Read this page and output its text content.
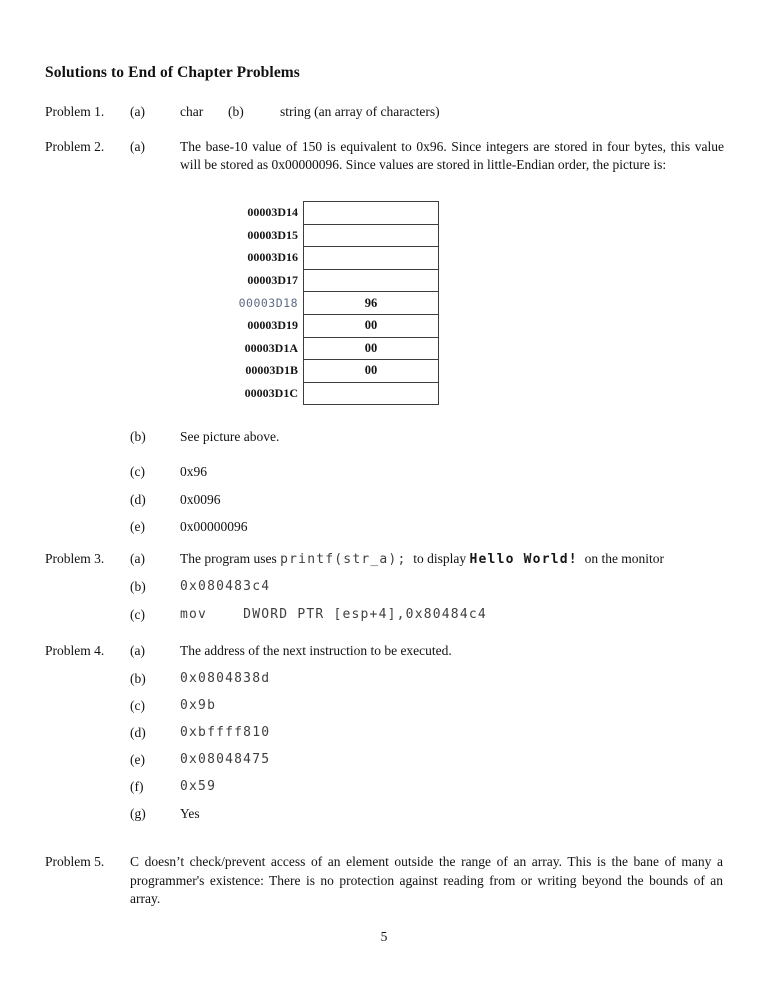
Solutions to End of Chapter Problems
Problem 1.	(a)	char (b)	string (an array of characters)
Problem 2.	(a)	The base-10 value of 150 is equivalent to 0x96. Since integers are stored in four bytes, this value will be stored as 0x00000096. Since values are stored in little-Endian order, the picture is:
00003D14
00003D15
00003D16
00003D17
00003D18	96
00003D19	00
00003D1A	00
00003D1B	00
00003D1C
(b)	See picture above.
(c)	0x96
(d)	0x0096
(e)	0x00000096
Problem 3.	(a)	The program uses printf(str_a);  to display Hello World!  on the monitor
(b)	0x080483c4
(c)	mov    DWORD PTR [esp+4],0x80484c4
Problem 4.	(a)	The address of the next instruction to be executed.
(b)	0x0804838d
(c)	0x9b
(d)	0xbffff810
(e)	0x08048475
(f)	0x59
(g)	Yes
Problem 5.	C doesn’t check/prevent access of an element outside the range of an array. This is the bane of many a programmer's existence: There is no protection against reading from or writing beyond the bounds of an array.
5
